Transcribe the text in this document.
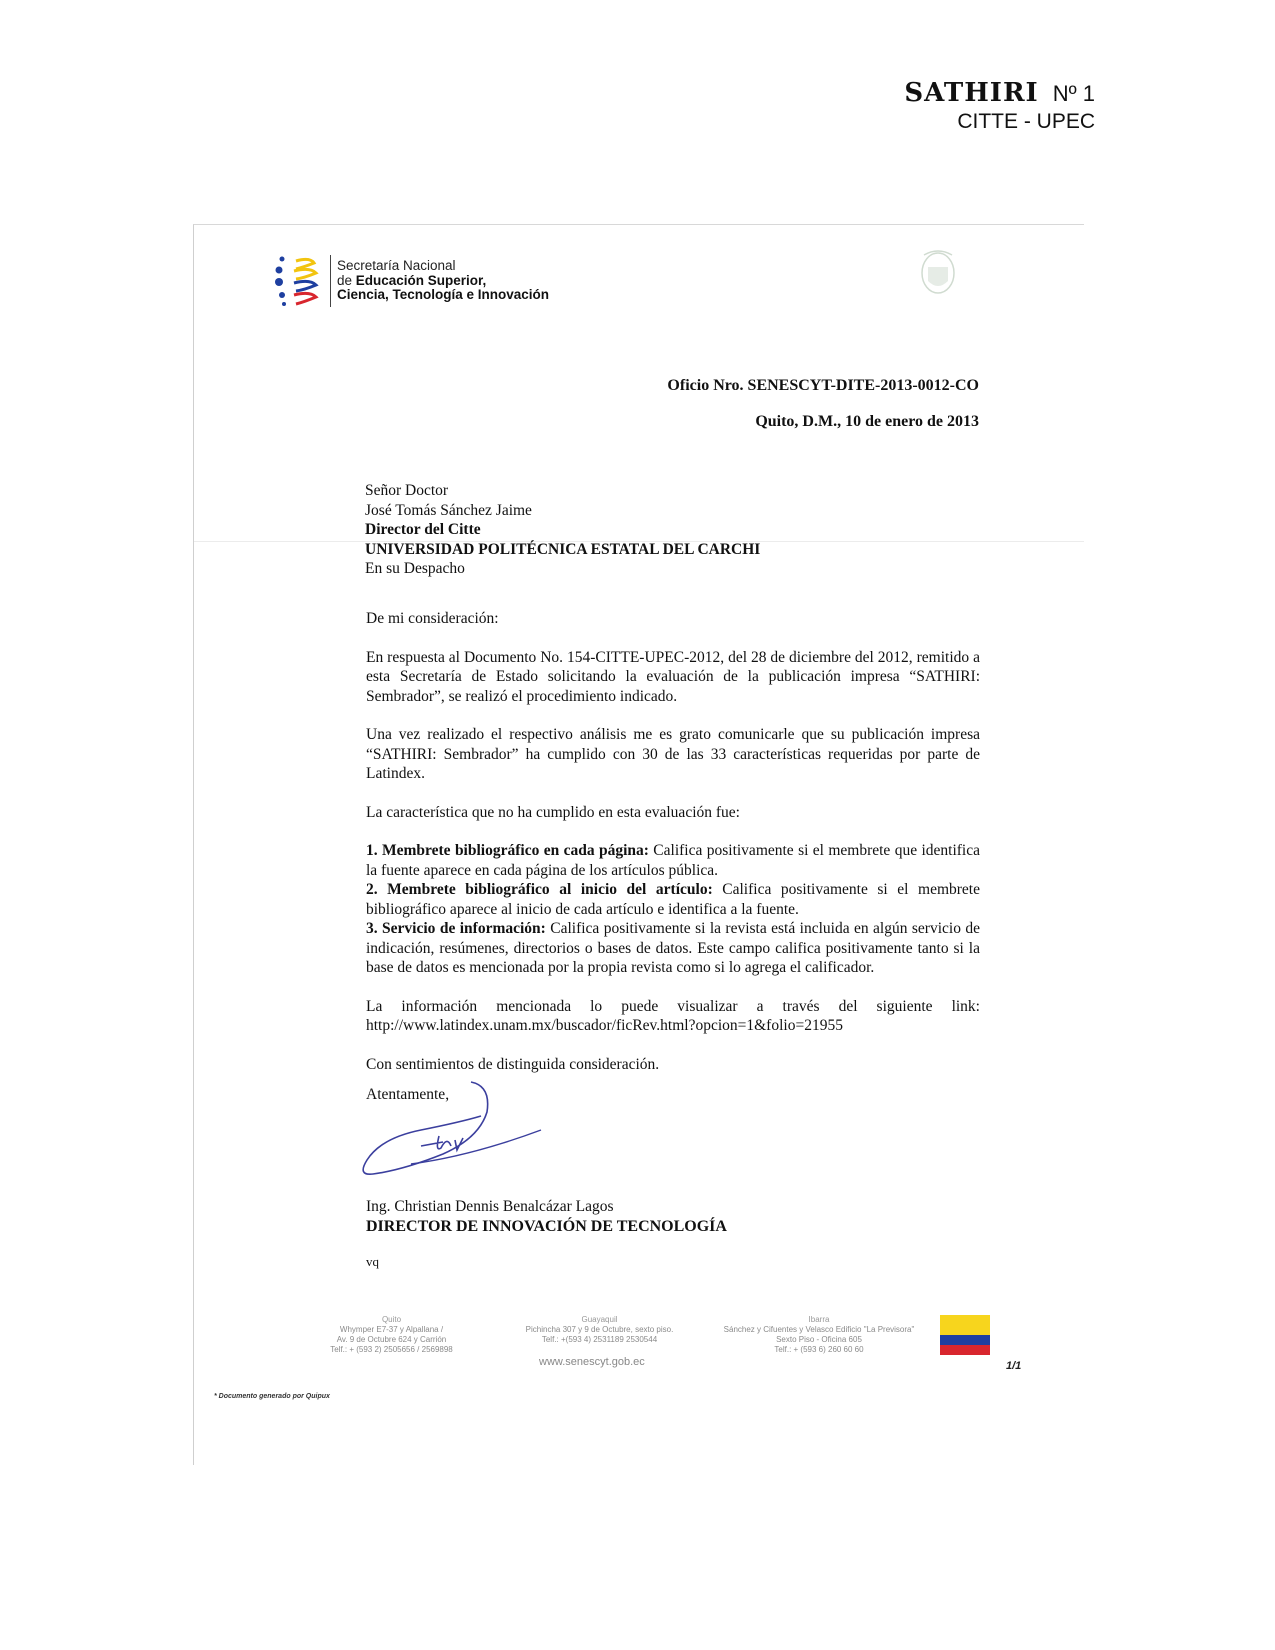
SATHIRI Nº 1
CITTE - UPEC
Secretaría Nacional
de Educación Superior,
Ciencia, Tecnología e Innovación
Oficio Nro. SENESCYT-DITE-2013-0012-CO
Quito, D.M., 10 de enero de 2013
Señor Doctor
José Tomás Sánchez Jaime
Director del Citte
UNIVERSIDAD POLITÉCNICA ESTATAL DEL CARCHI
En su Despacho

De mi consideración:

En respuesta al Documento No. 154-CITTE-UPEC-2012, del 28 de diciembre del 2012, remitido a esta Secretaría de Estado solicitando la evaluación de la publicación impresa “SATHIRI: Sembrador”, se realizó el procedimiento indicado.

Una vez realizado el respectivo análisis me es grato comunicarle que su publicación impresa “SATHIRI: Sembrador” ha cumplido con 30 de las 33 características requeridas por parte de Latindex.

La característica que no ha cumplido en esta evaluación fue:

1. Membrete bibliográfico en cada página: Califica positivamente si el membrete que identifica la fuente aparece en cada página de los artículos pública.

2. Membrete bibliográfico al inicio del artículo: Califica positivamente si el membrete bibliográfico aparece al inicio de cada artículo e identifica a la fuente.

3. Servicio de información: Califica positivamente si la revista está incluida en algún servicio de indicación, resúmenes, directorios o bases de datos. Este campo califica positivamente tanto si la base de datos es mencionada por la propia revista como si lo agrega el calificador.

La información mencionada lo puede visualizar a través del siguiente link: http://www.latindex.unam.mx/buscador/ficRev.html?opcion=1&folio=21955

Con sentimientos de distinguida consideración.

Atentamente,
Ing. Christian Dennis Benalcázar Lagos
DIRECTOR DE INNOVACIÓN DE TECNOLOGÍA
vq
Quito
Whymper E7-37 y Alpallana /
Av. 9 de Octubre 624 y Carrión
Telf.: + (593 2) 2505656 / 2569898
Guayaquil
Pichincha 307 y 9 de Octubre, sexto piso.
Telf.: +(593 4) 2531189 2530544
Ibarra
Sánchez y Cifuentes y Velasco Edificio "La Previsora"
Sexto Piso - Oficina 605
Telf.: + (593 6) 260 60 60
www.senescyt.gob.ec	1/1
* Documento generado por Quipux
